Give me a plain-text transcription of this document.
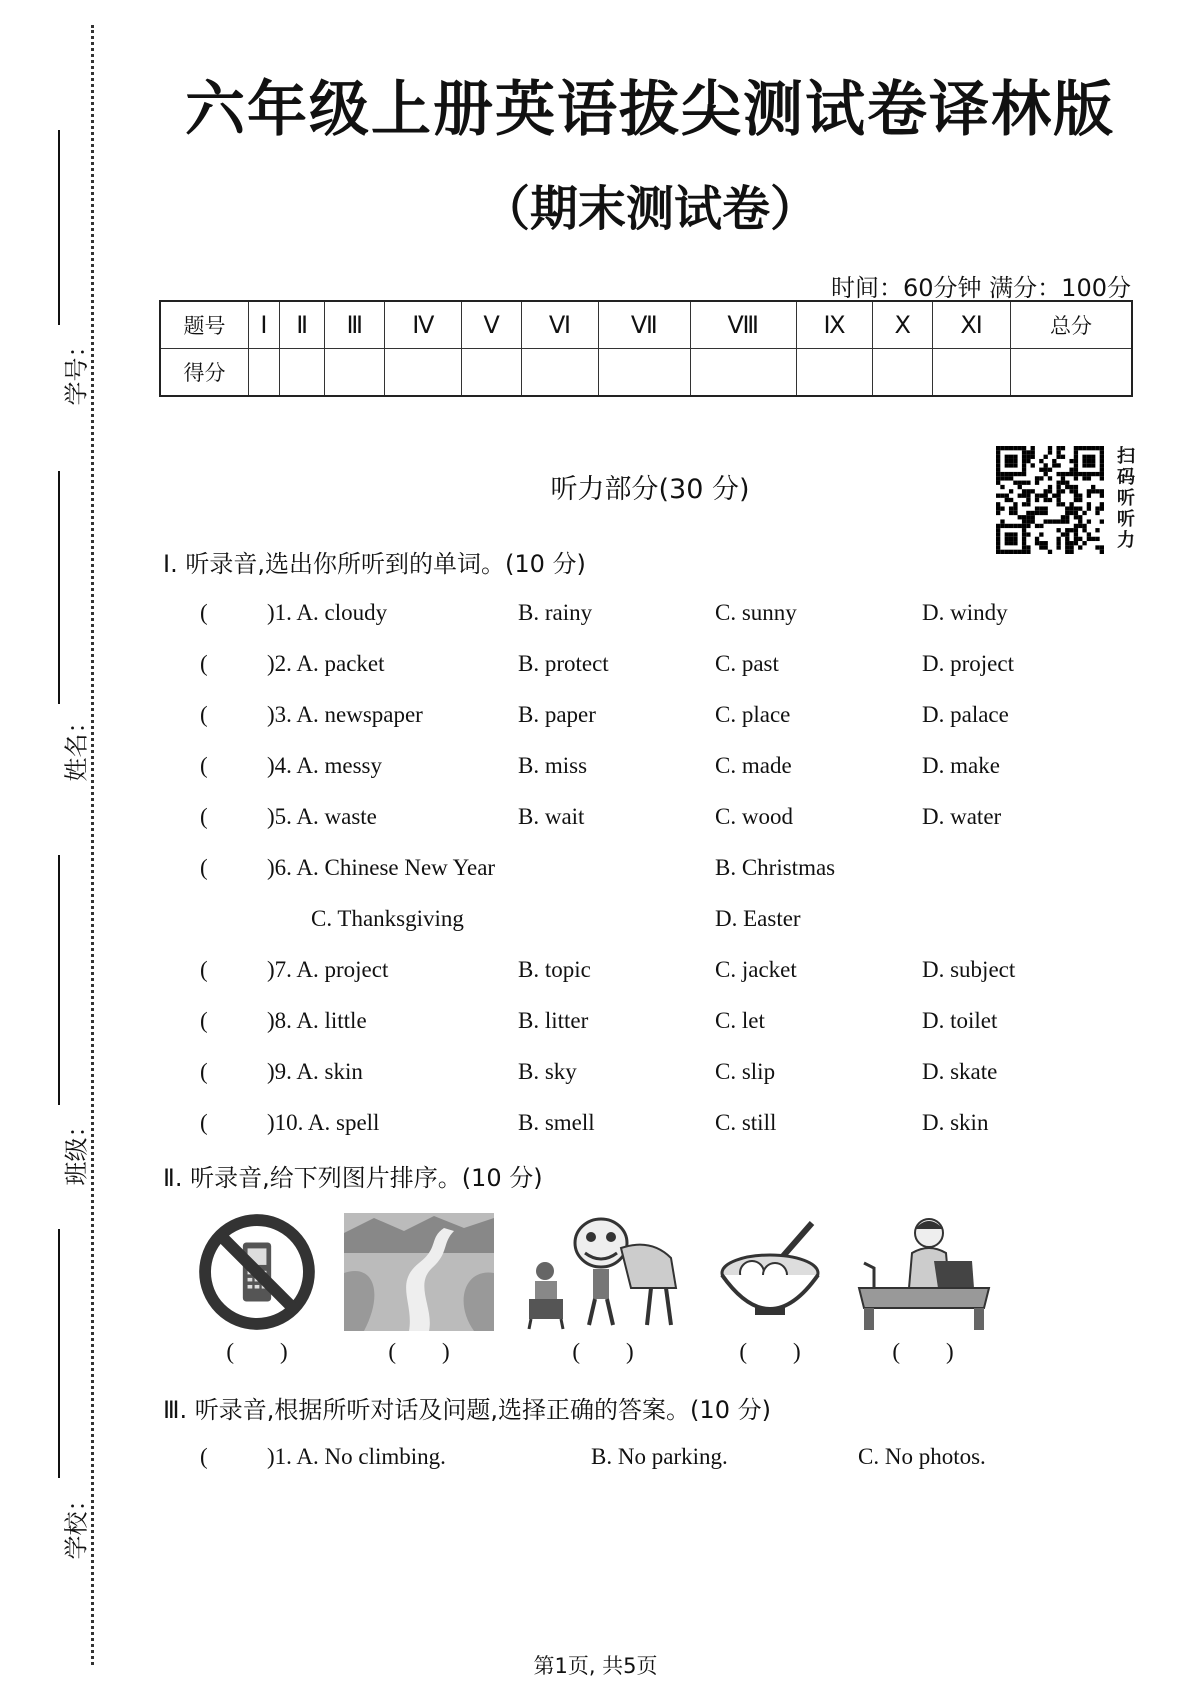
学号：
姓名：
班级：
学校：
六年级上册英语拔尖测试卷译林版
（期末测试卷）
时间：60分钟 满分：100分
题号	Ⅰ	Ⅱ	Ⅲ	Ⅳ	Ⅴ	Ⅵ	Ⅶ	Ⅷ	Ⅸ	Ⅹ	Ⅺ	总分
得分												
听力部分(30 分)
扫码听听力
Ⅰ. 听录音,选出你所听到的单词。(10 分)
(	)1. A. cloudy	B. rainy	C. sunny	D. windy
(	)2. A. packet	B. protect	C. past	D. project
(	)3. A. newspaper	B. paper	C. place	D. palace
(	)4. A. messy	B. miss	C. made	D. make
(	)5. A. waste	B. wait	C. wood	D. water
(	)6. A. Chinese New Year	B. Christmas
C. Thanksgiving	D. Easter
(	)7. A. project	B. topic	C. jacket	D. subject
(	)8. A. little	B. litter	C. let	D. toilet
(	)9. A. skin	B. sky	C. slip	D. skate
(	)10. A. spell	B. smell	C. still	D. skin
Ⅱ. 听录音,给下列图片排序。(10 分)
(        )	(        )	(        )	(        )	(        )
Ⅲ. 听录音,根据所听对话及问题,选择正确的答案。(10 分)
(	)1. A. No climbing.	B. No parking.	C. No photos.
第1页, 共5页
